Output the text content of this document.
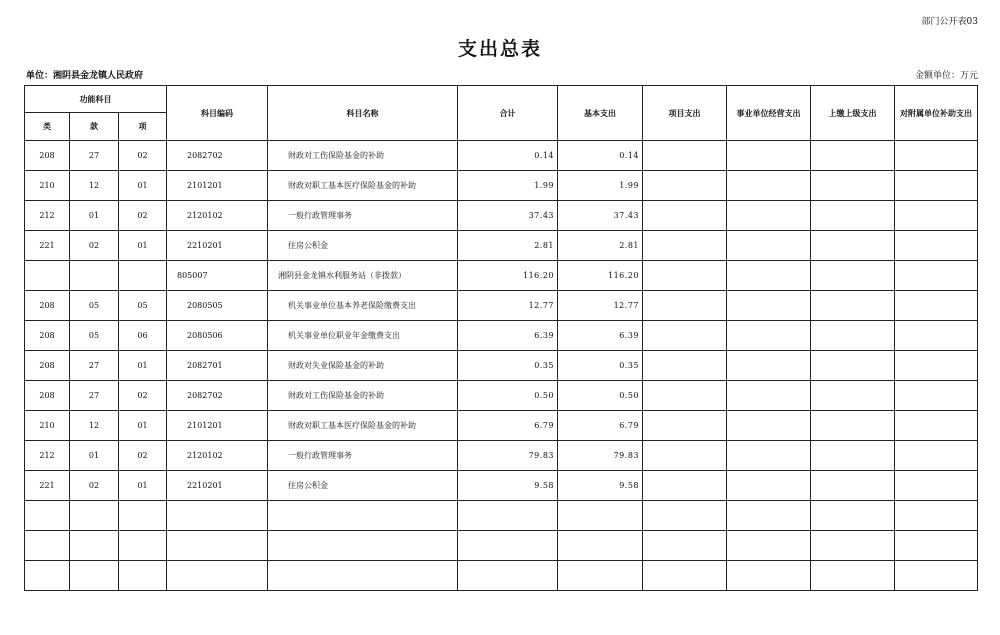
部门公开表03
支出总表
单位：湘阴县金龙镇人民政府	金额单位：万元
功能科目			科目编码	科目名称	合计	基本支出	项目支出	事业单位经营支出	上缴上级支出	对附属单位补助支出
类	款	项								
208	27	02	2082702	财政对工伤保险基金的补助	0.14	0.14				
210	12	01	2101201	财政对职工基本医疗保险基金的补助	1.99	1.99				
212	01	02	2120102	一般行政管理事务	37.43	37.43				
221	02	01	2210201	住房公积金	2.81	2.81				
			805007	湘阴县金龙镇水利服务站（非拨款）	116.20	116.20				
208	05	05	2080505	机关事业单位基本养老保险缴费支出	12.77	12.77				
208	05	06	2080506	机关事业单位职业年金缴费支出	6.39	6.39				
208	27	01	2082701	财政对失业保险基金的补助	0.35	0.35				
208	27	02	2082702	财政对工伤保险基金的补助	0.50	0.50				
210	12	01	2101201	财政对职工基本医疗保险基金的补助	6.79	6.79				
212	01	02	2120102	一般行政管理事务	79.83	79.83				
221	02	01	2210201	住房公积金	9.58	9.58				
